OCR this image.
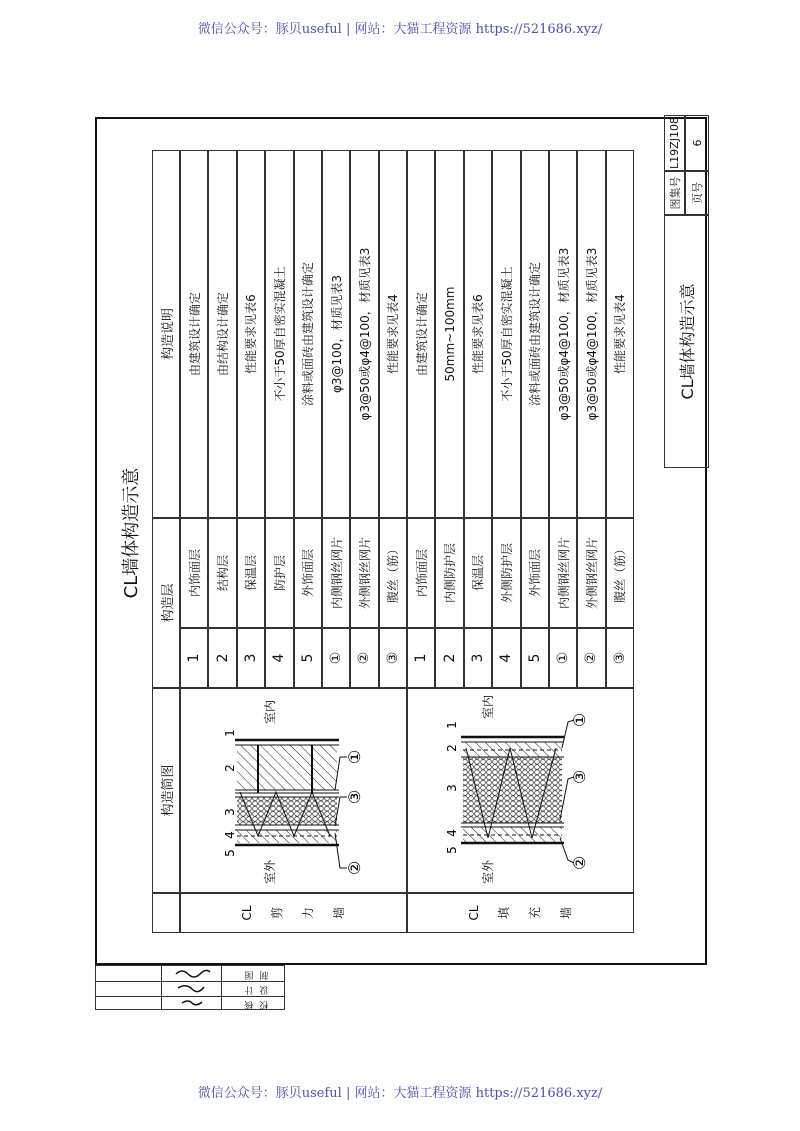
微信公众号：豚贝useful | 网站：大猫工程资源 https://521686.xyz/
微信公众号：豚贝useful | 网站：大猫工程资源 https://521686.xyz/
CL墙体构造示意
构造简图
构造层
构造说明
CL 剪 力 墙
1
内饰面层
由建筑设计确定
2
结构层
由结构设计确定
3
保温层
性能要求见表6
4
防护层
不小于50厚自密实混凝土
5
外饰面层
涂料或面砖由建筑设计确定
①
内侧钢丝网片
φ3@100，材质见表3
②
外侧钢丝网片
φ3@50或φ4@100，材质见表3
③
腹丝（筋）
性能要求见表4
CL 填 充 墙
1
内饰面层
由建筑设计确定
2
内侧防护层
50mm~100mm
3
保温层
性能要求见表6
4
外侧防护层
不小于50厚自密实混凝土
5
外饰面层
涂料或面砖由建筑设计确定
①
内侧钢丝网片
φ3@50或φ4@100，材质见表3
②
外侧钢丝网片
φ3@50或φ4@100，材质见表3
③
腹丝（筋）
性能要求见表4	CL墙体构造示意
图集号
L19ZJ108
页号
6
室内
室外
1
2
3
4
5
①
③
②
室内
室外
1
2
3
4
5
①
③
②
制图
设计
校核
